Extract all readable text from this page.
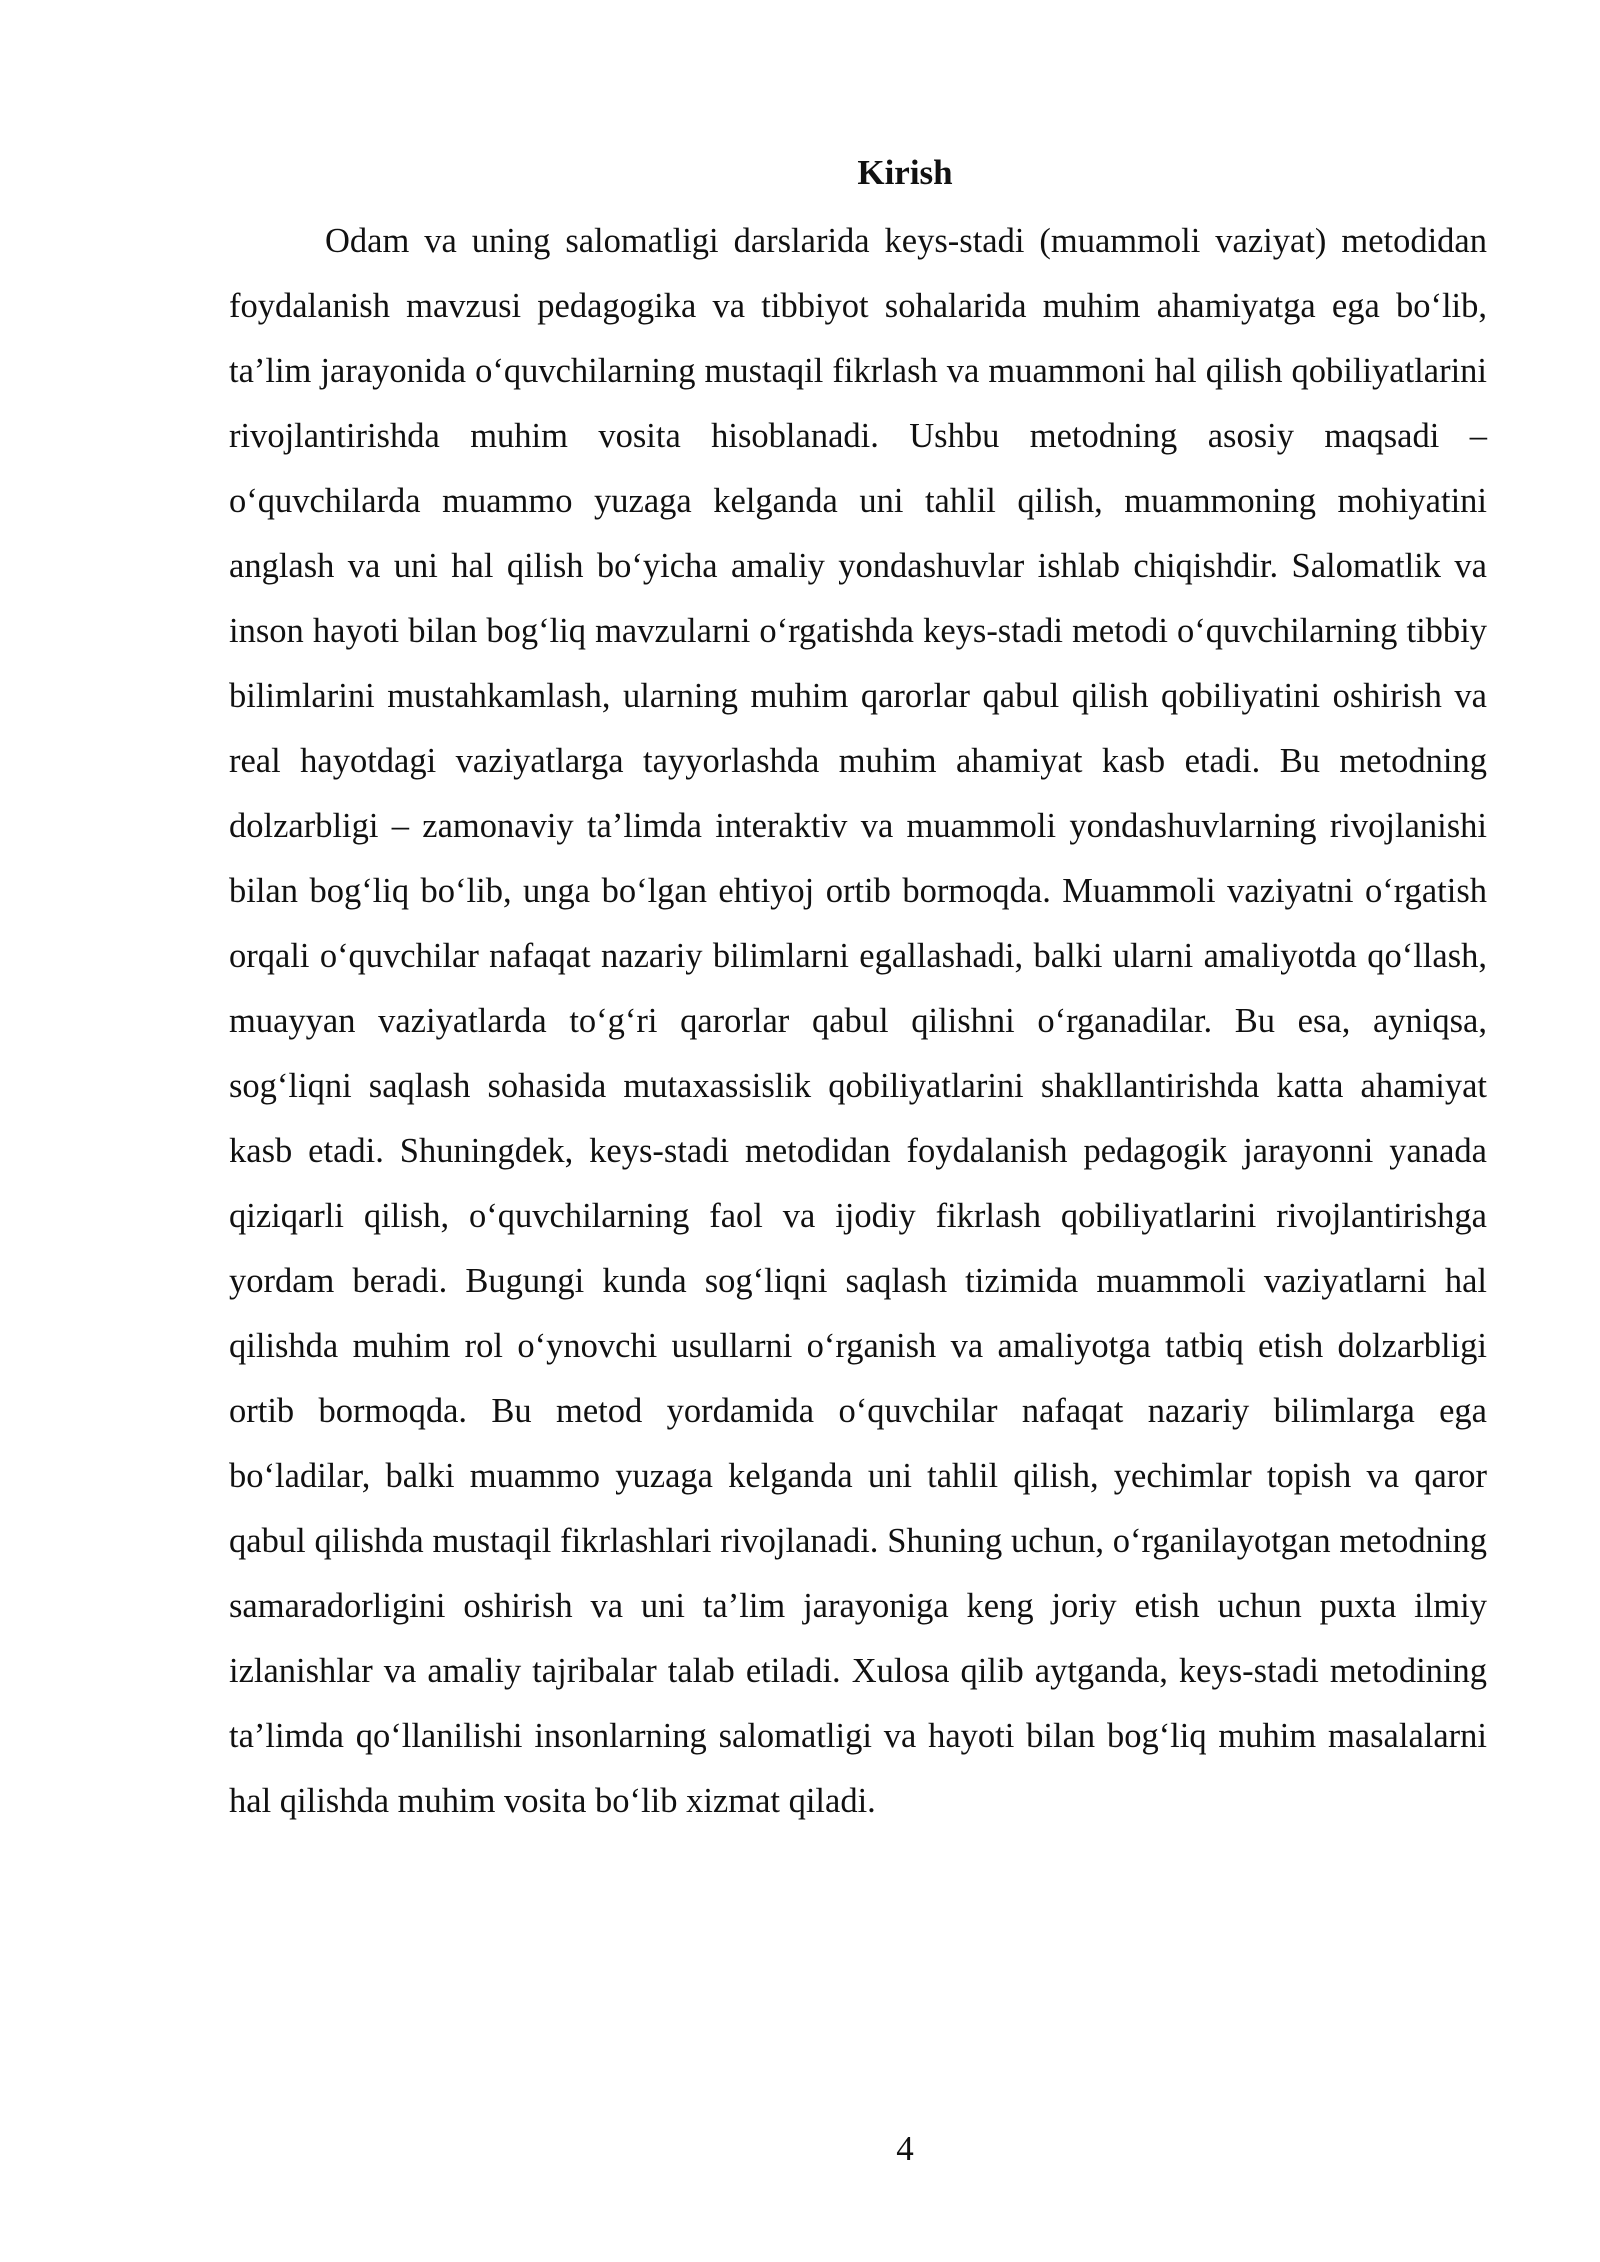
Kirish

Odam va uning salomatligi darslarida keys-stadi (muammoli vaziyat) metodidan foydalanish mavzusi pedagogika va tibbiyot sohalarida muhim ahamiyatga ega bo‘lib, ta’lim jarayonida o‘quvchilarning mustaqil fikrlash va muammoni hal qilish qobiliyatlarini rivojlantirishda muhim vosita hisoblanadi. Ushbu metodning asosiy maqsadi – o‘quvchilarda muammo yuzaga kelganda uni tahlil qilish, muammoning mohiyatini anglash va uni hal qilish bo‘yicha amaliy yondashuvlar ishlab chiqishdir. Salomatlik va inson hayoti bilan bog‘liq mavzularni o‘rgatishda keys-stadi metodi o‘quvchilarning tibbiy bilimlarini mustahkamlash, ularning muhim qarorlar qabul qilish qobiliyatini oshirish va real hayotdagi vaziyatlarga tayyorlashda muhim ahamiyat kasb etadi. Bu metodning dolzarbligi – zamonaviy ta’limda interaktiv va muammoli yondashuvlarning rivojlanishi bilan bog‘liq bo‘lib, unga bo‘lgan ehtiyoj ortib bormoqda. Muammoli vaziyatni o‘rgatish orqali o‘quvchilar nafaqat nazariy bilimlarni egallashadi, balki ularni amaliyotda qo‘llash, muayyan vaziyatlarda to‘g‘ri qarorlar qabul qilishni o‘rganadilar. Bu esa, ayniqsa, sog‘liqni saqlash sohasida mutaxassislik qobiliyatlarini shakllantirishda katta ahamiyat kasb etadi. Shuningdek, keys-stadi metodidan foydalanish pedagogik jarayonni yanada qiziqarli qilish, o‘quvchilarning faol va ijodiy fikrlash qobiliyatlarini rivojlantirishga yordam beradi. Bugungi kunda sog‘liqni saqlash tizimida muammoli vaziyatlarni hal qilishda muhim rol o‘ynovchi usullarni o‘rganish va amaliyotga tatbiq etish dolzarbligi ortib bormoqda. Bu metod yordamida o‘quvchilar nafaqat nazariy bilimlarga ega bo‘ladilar, balki muammo yuzaga kelganda uni tahlil qilish, yechimlar topish va qaror qabul qilishda mustaqil fikrlashlari rivojlanadi. Shuning uchun, o‘rganilayotgan metodning samaradorligini oshirish va uni ta’lim jarayoniga keng joriy etish uchun puxta ilmiy izlanishlar va amaliy tajribalar talab etiladi. Xulosa qilib aytganda, keys-stadi metodining ta’limda qo‘llanilishi insonlarning salomatligi va hayoti bilan bog‘liq muhim masalalarni hal qilishda muhim vosita bo‘lib xizmat qiladi.

4
